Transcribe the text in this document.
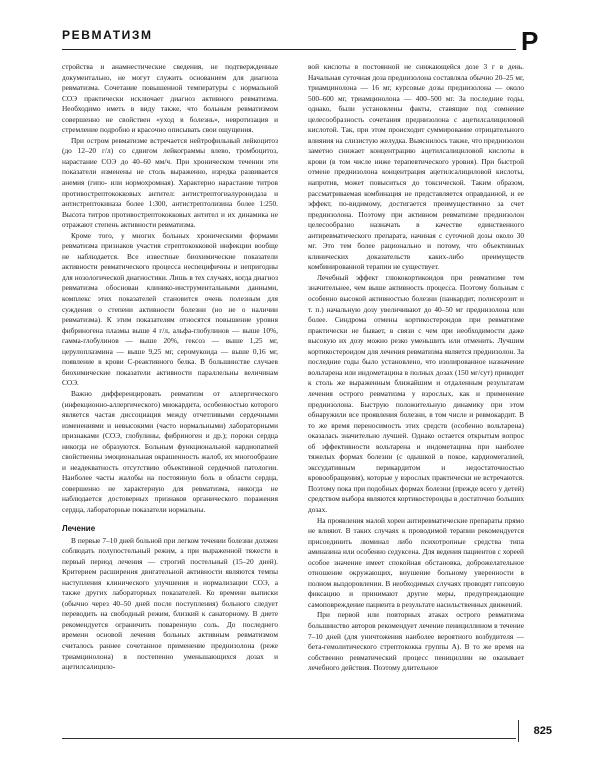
РЕВМАТИЗМ	Р

стройства и анамнестические сведения, не подтвержденные документально, не могут служить основанием для диагноза ревматизма. Сочетание повышенной температуры с нормальной СОЭ практически исключает диагноз активного ревматизма. Необходимо иметь в виду также, что больным ревматизмом совершенно не свойствен «уход в болезнь», невротизация и стремление подробно и красочно описывать свои ощущения.

При остром ревматизме встречается нейтрофильный лейкоцитоз (до 12–20 г/л) со сдвигом лейкограммы влево, тромбоцитоз, нарастание СОЭ до 40–60 мм/ч. При хроническом течении эти показатели изменены не столь выраженно, изредка развивается анемия (гипо- или нормохромная). Характерно нарастание титров противострептококковых антител: антистрептогиалуронидаза и антистрептокиназа более 1:300, антистрептолизина более 1:250. Высота титров противострептококковых антител и их динамика не отражают степень активности ревматизма.

Кроме того, у многих больных хроническими формами ревматизма признаков участия стрептококковой инфекции вообще не наблюдается. Все известные биохимические показатели активности ревматического процесса неспецифичны и непригодны для нозологической диагностики. Лишь в тех случаях, когда диагноз ревматизма обоснован клинико-инструментальными данными, комплекс этих показателей становится очень полезным для суждения о степени активности болезни (но не о наличии ревматизма). К этим показателям относятся повышение уровня фибриногена плазмы выше 4 г/л, альфа-глобулинов — выше 10%, гамма-глобулинов — выше 20%, гексоз — выше 1,25 мг, церулоплазмина — выше 9,25 мг, серомукоида — выше 0,16 мг, появление в крови С-реактивного белка. В большинстве случаев биохимические показатели активности параллельны величинам СОЭ.

Важно дифференцировать ревматизм от аллергического (инфекционно-аллергического) миокардита, особенностью которого является частая диссоциация между отчетливыми сердечными изменениями и невысокими (часто нормальными) лабораторными признаками (СОЭ, глобулины, фибриноген и др.); пороки сердца никогда не образуются. Больным функциональной кардиопатией свойственны эмоциональная окрашенность жалоб, их многообразие и неадекватность отсутствию объективной сердечной патологии. Наиболее часты жалобы на постоянную боль в области сердца, совершенно не характерную для ревматизма, никогда не наблюдается достоверных признаков органического поражения сердца, лабораторные показатели нормальны.

Лечение

В первые 7–10 дней больной при легком течении болезни должен соблюдать полупостельный режим, а при выраженной тяжести в первый период лечения — строгий постельный (15–20 дней). Критерием расширения двигательной активности являются темпы наступления клинического улучшения и нормализации СОЭ, а также других лабораторных показателей. Ко времени выписки (обычно через 40–50 дней после поступления) больного следует переводить на свободный режим, близкий к санаторному. В диете рекомендуется ограничить поваренную соль. До последнего времени основой лечения больных активным ревматизмом считалось раннее сочетанное применение преднизолона (реже триамцинолона) в постепенно уменьшающихся дозах и ацетилсалицило-

вой кислоты в постоянной не снижающейся дозе 3 г в день. Начальная суточная доза преднизолона составляла обычно 20–25 мг, триамцинолона — 16 мг, курсовые дозы преднизолона — около 500–600 мг, триамцинолона — 400–500 мг. За последние годы, однако, были установлены факты, ставящие под сомнение целесообразность сочетания преднизолона с ацетилсалициловой кислотой. Так, при этом происходит суммирование отрицательного влияния на слизистую желудка. Выяснилось также, что преднизолон заметно снижает концентрацию ацетилсалициловой кислоты в крови (в том числе ниже терапевтического уровня). При быстрой отмене преднизолона концентрация ацетилсалициловой кислоты, напротив, может повыситься до токсической. Таким образом, рассматриваемая комбинация не представляется оправданной, и ее эффект, по-видимому, достигается преимущественно за счет преднизолона. Поэтому при активном ревматизме преднизолон целесообразно назначать в качестве единственного антиревматического препарата, начиная с суточной дозы около 30 мг. Это тем более рационально и потому, что объективных клинических доказательств каких-либо преимуществ комбинированной терапии не существует.

Лечебный эффект глюкокортикоидов при ревматизме тем значительнее, чем выше активность процесса. Поэтому больным с особенно высокой активностью болезни (панкардит, полисерозит и т. п.) начальную дозу увеличивают до 40–50 мг преднизолона или более. Синдрома отмены кортикостероидов при ревматизме практически не бывает, в связи с чем при необходимости даже высокую их дозу можно резко уменьшить или отменить. Лучшим кортикостероидом для лечения ревматизма является преднизолон. За последние годы было установлено, что изолированное назначение вольтарена или индометацина в полных дозах (150 мг/сут) приводит к столь же выраженным ближайшим и отдаленным результатам лечения острого ревматизма у взрослых, как и применение преднизолона. Быструю положительную динамику при этом обнаружили все проявления болезни, в том числе и ревмокардит. В то же время переносимость этих средств (особенно вольтарена) оказалась значительно лучшей. Однако остается открытым вопрос об эффективности вольтарена и индометацина при наиболее тяжелых формах болезни (с одышкой в покое, кардиомегалией, экссудативным перикардитом и недостаточностью кровообращения), которые у взрослых практически не встречаются. Поэтому пока при подобных формах болезни (прежде всего у детей) средством выбора являются кортикостероиды в достаточно больших дозах.

На проявления малой хореи антиревматические препараты прямо не влияют. В таких случаях к проводимой терапии рекомендуется присоединить люминал либо психотропные средства типа аминазина или особенно седуксена. Для ведения пациентов с хореей особое значение имеет спокойная обстановка, доброжелательное отношение окружающих, внушение больному уверенности в полном выздоровлении. В необходимых случаях проводят гипсовую фиксацию и принимают другие меры, предупреждающие самоповреждение пациента в результате насильственных движений.

При первой или повторных атаках острого ревматизма большинство авторов рекомендует лечение пенициллином в течение 7–10 дней (для уничтожения наиболее вероятного возбудителя — бета-гемолитического стрептококка группы А). В то же время на собственно ревматический процесс пенициллин не оказывает лечебного действия. Поэтому длительное

825
